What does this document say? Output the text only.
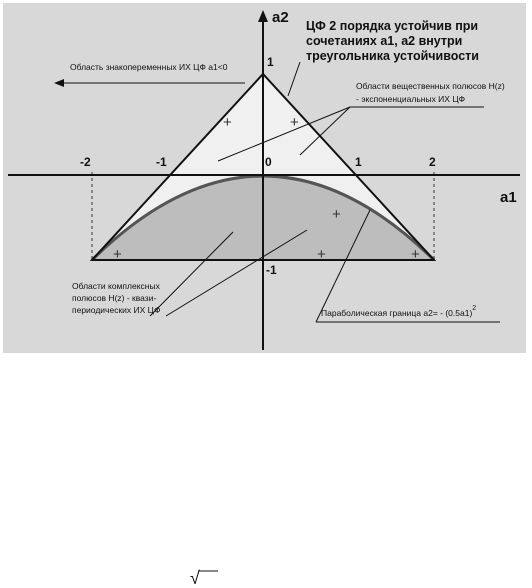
a1
a2
-2	-1	0	1	2
1
-1
ЦФ 2 порядка устойчив при
сочетаниях а1, а2 внутри
треугольника устойчивости
Область знакопеременных ИХ ЦФ а1<0
Области вещественных полюсов H(z)
- экспоненциальных ИХ ЦФ
Области комплексных
полюсов H(z) - квази-
периодических ИХ ЦФ	Параболическая граница $а2= - (0.5а1)^2$
+	+
+
+	+	+
√
